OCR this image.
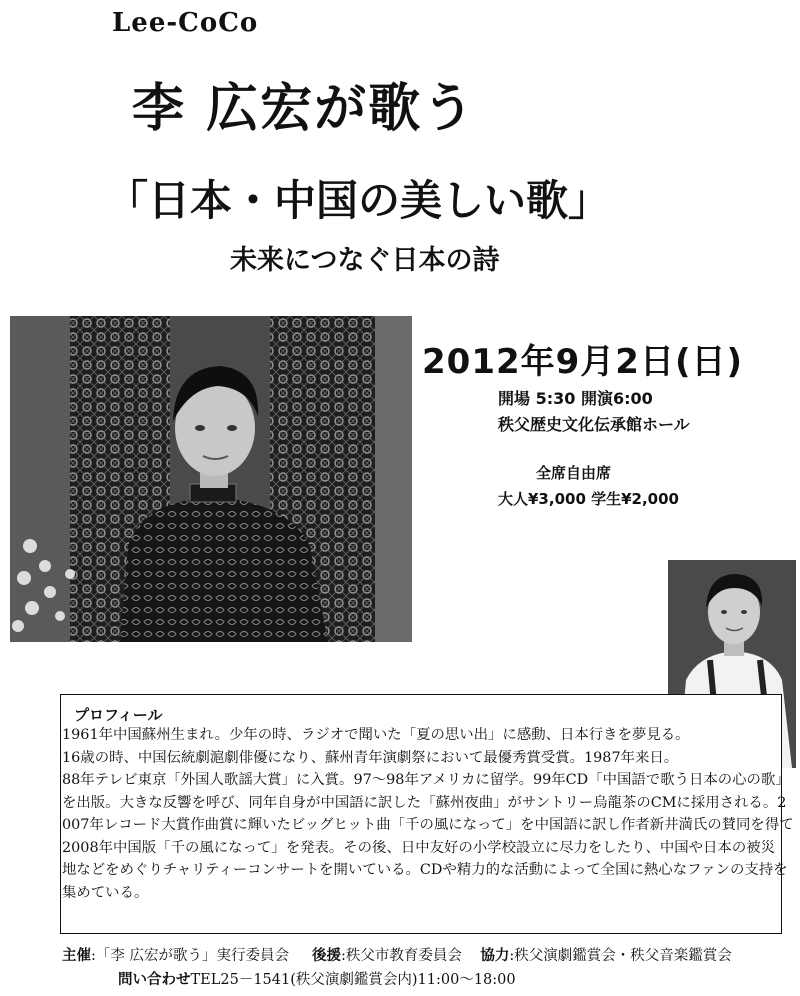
Lee-CoCo
李 広宏が歌う
「日本・中国の美しい歌」
未来につなぐ日本の詩
2012年9月2日(日)
開場 5:30 開演6:00
秩父歴史文化伝承館ホール
全席自由席
大人¥3,000 学生¥2,000
プロフィール

1961年中国蘇州生まれ。少年の時、ラジオで聞いた「夏の思い出」に感動、日本行きを夢見る。

16歳の時、中国伝統劇滬劇俳優になり、蘇州青年演劇祭において最優秀賞受賞。1987年来日。

88年テレビ東京「外国人歌謡大賞」に入賞。97～98年アメリカに留学。99年CD「中国語で歌う日本の心の歌」

を出版。大きな反響を呼び、同年自身が中国語に訳した「蘇州夜曲」がサントリー烏龍茶のCMに採用される。2

007年レコード大賞作曲賞に輝いたビッグヒット曲「千の風になって」を中国語に訳し作者新井満氏の賛同を得て

2008年中国版「千の風になって」を発表。その後、日中友好の小学校設立に尽力をしたり、中国や日本の被災

地などをめぐりチャリティーコンサートを開いている。CDや精力的な活動によって全国に熱心なファンの支持を

集めている。

主催:「李 広宏が歌う」実行委員会 後援:秩父市教育委員会 協力:秩父演劇鑑賞会・秩父音楽鑑賞会
問い合わせTEL25－1541(秩父演劇鑑賞会内)11:00～18:00
